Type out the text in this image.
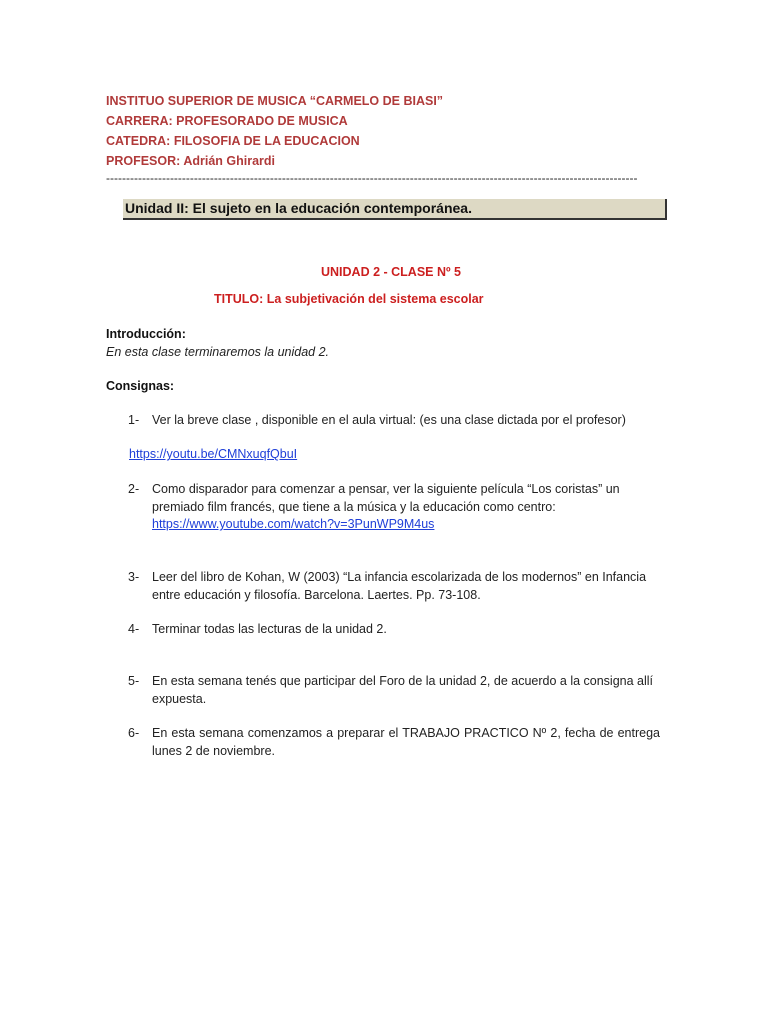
INSTITUO SUPERIOR DE MUSICA “CARMELO DE BIASI”
CARRERA: PROFESORADO DE MUSICA
CATEDRA: FILOSOFIA DE LA EDUCACION
PROFESOR: Adrián Ghirardi
-------------------------------------------------------------------------------------------------------------------------------------
Unidad II: El sujeto en la educación contemporánea.
UNIDAD 2 - CLASE Nº 5
TITULO: La subjetivación del sistema escolar
Introducción:
En esta clase terminaremos la unidad 2.
Consignas:
1-	Ver la breve clase , disponible en el aula virtual: (es una clase dictada por el profesor)
https://youtu.be/CMNxuqfQbuI
2-	Como disparador para comenzar a pensar, ver la siguiente película “Los coristas” un premiado film francés, que tiene a la música y la educación como centro:
https://www.youtube.com/watch?v=3PunWP9M4us
3-	Leer del libro de Kohan, W (2003) “La infancia escolarizada de los modernos” en Infancia entre educación y filosofía. Barcelona. Laertes. Pp. 73-108.
4-	Terminar todas las lecturas de la unidad 2.
5-	En esta semana tenés que participar del Foro de la unidad 2, de acuerdo a la consigna allí expuesta.
6-	En esta semana comenzamos a preparar el TRABAJO PRACTICO Nº 2, fecha de entrega lunes 2 de noviembre.
